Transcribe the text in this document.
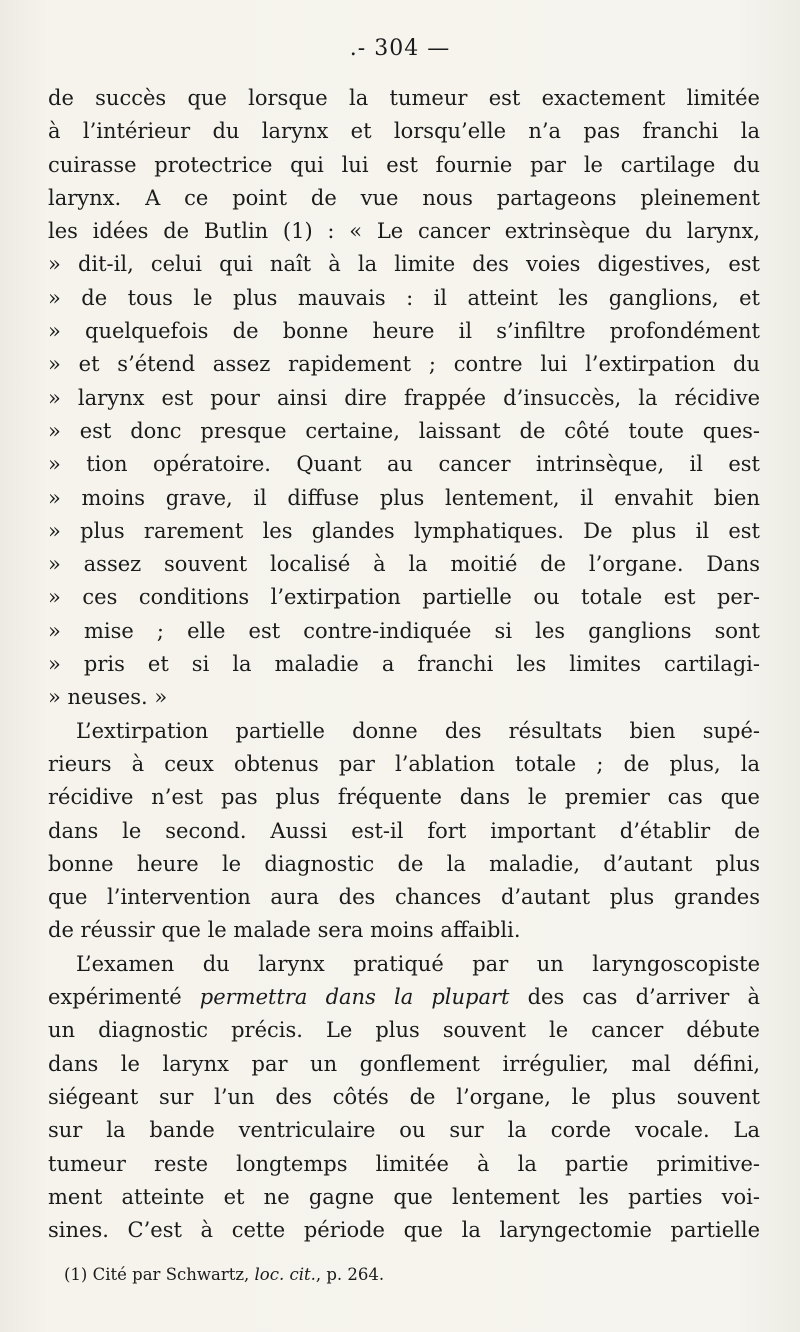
.- 304 —
de succès que lorsque la tumeur est exactement limitée
à l’intérieur du larynx et lorsqu’elle n’a pas franchi la
cuirasse protectrice qui lui est fournie par le cartilage du
larynx. A ce point de vue nous partageons pleinement
les idées de Butlin (1) : « Le cancer extrinsèque du larynx,
» dit-il, celui qui naît à la limite des voies digestives, est
» de tous le plus mauvais : il atteint les ganglions, et
» quelquefois de bonne heure il s’infiltre profondément
» et s’étend assez rapidement ; contre lui l’extirpation du
» larynx est pour ainsi dire frappée d’insuccès, la récidive
» est donc presque certaine, laissant de côté toute ques-
» tion opératoire. Quant au cancer intrinsèque, il est
» moins grave, il diffuse plus lentement, il envahit bien
» plus rarement les glandes lymphatiques. De plus il est
» assez souvent localisé à la moitié de l’organe. Dans
» ces conditions l’extirpation partielle ou totale est per-
» mise ; elle est contre-indiquée si les ganglions sont
» pris et si la maladie a franchi les limites cartilagi-
» neuses. »
L’extirpation partielle donne des résultats bien supé-
rieurs à ceux obtenus par l’ablation totale ; de plus, la
récidive n’est pas plus fréquente dans le premier cas que
dans le second. Aussi est-il fort important d’établir de
bonne heure le diagnostic de la maladie, d’autant plus
que l’intervention aura des chances d’autant plus grandes
de réussir que le malade sera moins affaibli.
L’examen du larynx pratiqué par un laryngoscopiste
expérimenté permettra dans la plupart des cas d’arriver à
un diagnostic précis. Le plus souvent le cancer débute
dans le larynx par un gonflement irrégulier, mal défini,
siégeant sur l’un des côtés de l’organe, le plus souvent
sur la bande ventriculaire ou sur la corde vocale. La
tumeur reste longtemps limitée à la partie primitive-
ment atteinte et ne gagne que lentement les parties voi-
sines. C’est à cette période que la laryngectomie partielle
(1) Cité par Schwartz, loc. cit., p. 264.
